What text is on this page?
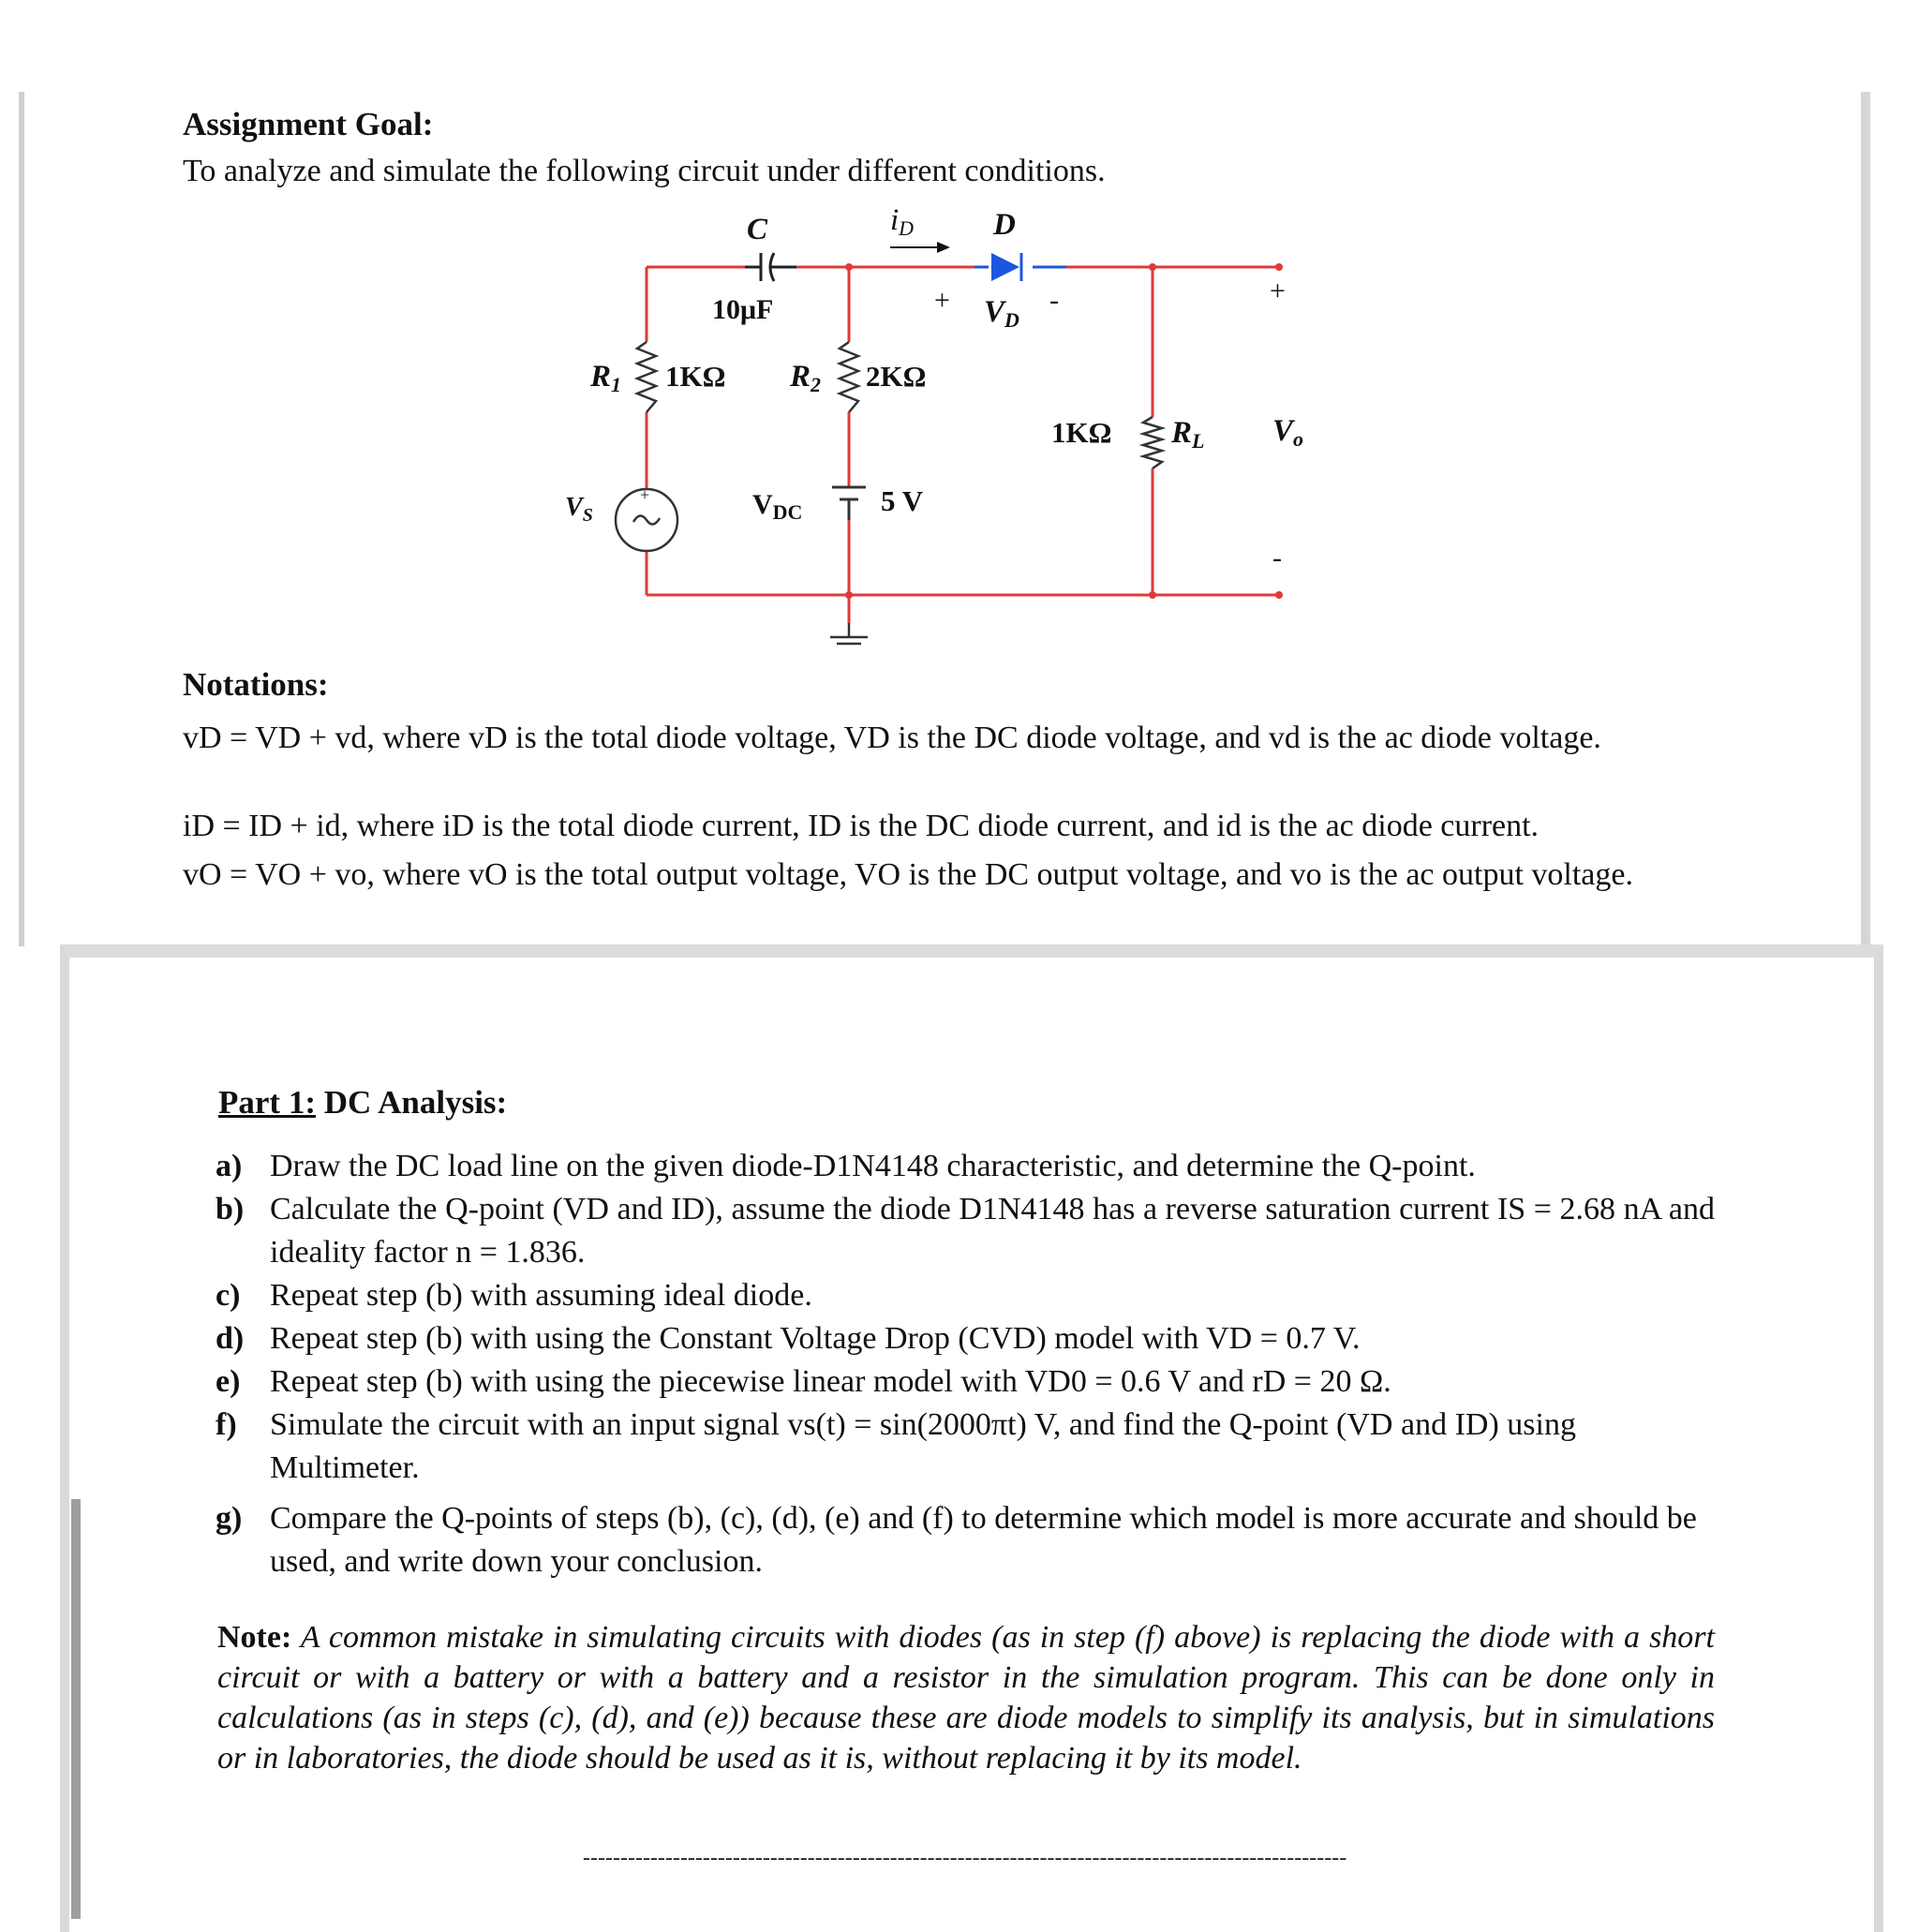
Assignment Goal:
To analyze and simulate the following circuit under different conditions.
C
10μF
iD	D
+ VD
-
R1 1KΩ R2 2KΩ
1KΩ RL
+
Vo
-
$V_S$
+	$V_{DC}$	5 V
Notations:
vD = VD + vd, where vD is the total diode voltage, VD is the DC diode voltage, and vd is the ac diode voltage.
iD = ID + id, where iD is the total diode current, ID is the DC diode current, and id is the ac diode current.
vO = VO + vo, where vO is the total output voltage, VO is the DC output voltage, and vo is the ac output voltage.
Part 1: DC Analysis:
a) Draw the DC load line on the given diode-D1N4148 characteristic, and determine the Q-point.
b) Calculate the Q-point (VD and ID), assume the diode D1N4148 has a reverse saturation current IS = 2.68 nA and ideality factor n = 1.836.
c) Repeat step (b) with assuming ideal diode.
d) Repeat step (b) with using the Constant Voltage Drop (CVD) model with VD = 0.7 V.
e) Repeat step (b) with using the piecewise linear model with VD0 = 0.6 V and rD = 20 Ω.
f) Simulate the circuit with an input signal vs(t) = sin(2000πt) V, and find the Q-point (VD and ID) using Multimeter.
g) Compare the Q-points of steps (b), (c), (d), (e) and (f) to determine which model is more accurate and should be used, and write down your conclusion.
Note: A common mistake in simulating circuits with diodes (as in step (f) above) is replacing the diode with a short circuit or with a battery or with a battery and a resistor in the simulation program. This can be done only in calculations (as in steps (c), (d), and (e)) because these are diode models to simplify its analysis, but in simulations or in laboratories, the diode should be used as it is, without replacing it by its model.
------------------------------------------------------------------------------------------------------
